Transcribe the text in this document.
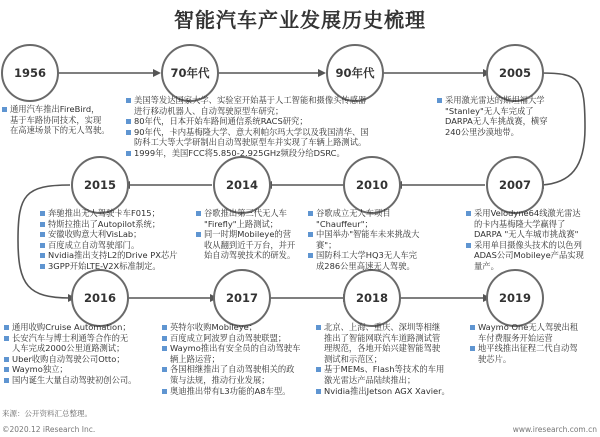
智能汽车产业发展历史梳理
1956	70年代	90年代	2005
2007
2010
2014
2015
2016	2017	2018	2019
通用汽车推出FireBird，
基于车路协同技术，实现
在高速场景下的无人驾驶。
美国等发达国家大学、实验室开始基于人工智能和摄像头传感器
进行移动机器人、自动驾驶原型车研究；
80年代，日本开始车路间通信系统RACS研究；
90年代，卡内基梅隆大学、意大利帕尔玛大学以及我国清华、国
防科工大等大学研制出自动驾驶原型车并实现了车辆上路测试。
1999年，美国FCC将5.850-2.925GHz频段分给DSRC。
采用激光雷达的斯坦福大学
"Stanley"无人车完成了
DARPA无人车挑战赛，横穿
240公里沙漠地带。
采用Velodyne64线激光雷达
的卡内基梅隆大学赢得了
DARPA "无人车城市挑战赛"
采用单目摄像头技术的以色列
ADAS公司Mobileye产品实现
量产。
谷歌成立无人车项目
"Chauffeur"；
中国举办"智能车未来挑战大
赛"；
国防科工大学HQ3无人车完
成286公里高速无人驾驶。
谷歌推出第三代无人车
"Firefly"上路测试；
同一时期Mobileye的营
收从翻到近千万台，并开
始自动驾驶技术的研发。
奔驰推出无人驾驶卡车F015；
特斯拉推出了Autopilot系统；
安徽收购意大利VisLab；
百度成立自动驾驶部门。
Nvidia推出支持L2的Drive PX芯片
3GPP开始LTE-V2X标准制定。
通用收购Cruise Automation；
长安汽车与博士利通等合作的无
人车完成2000公里道路测试；
Uber收购自动驾驶公司Otto；
Waymo独立；
国内诞生大量自动驾驶初创公司。
英特尔收购Mobileye；
百度成立阿波罗自动驾驶联盟；
Waymo推出有安全员的自动驾驶车
辆上路运营；
各国相继推出了自动驾驶相关的政
策与法规，推动行业发展；
奥迪推出带有L3功能的A8车型。
北京、上海、重庆、深圳等相继
推出了智能网联汽车道路测试管
理规范，各地开始兴建智能驾驶
测试和示范区；
基于MEMs、Flash等技术的车用
激光雷达产品陆续推出；
Nvidia推出Jetson AGX Xavier。
Waymo One无人驾驶出租
车付费服务开始运营
地平线推出征程二代自动驾
驶芯片。
来源：公开资料汇总整理。
©2020.12 iResearch Inc.	www.iresearch.com.cn
